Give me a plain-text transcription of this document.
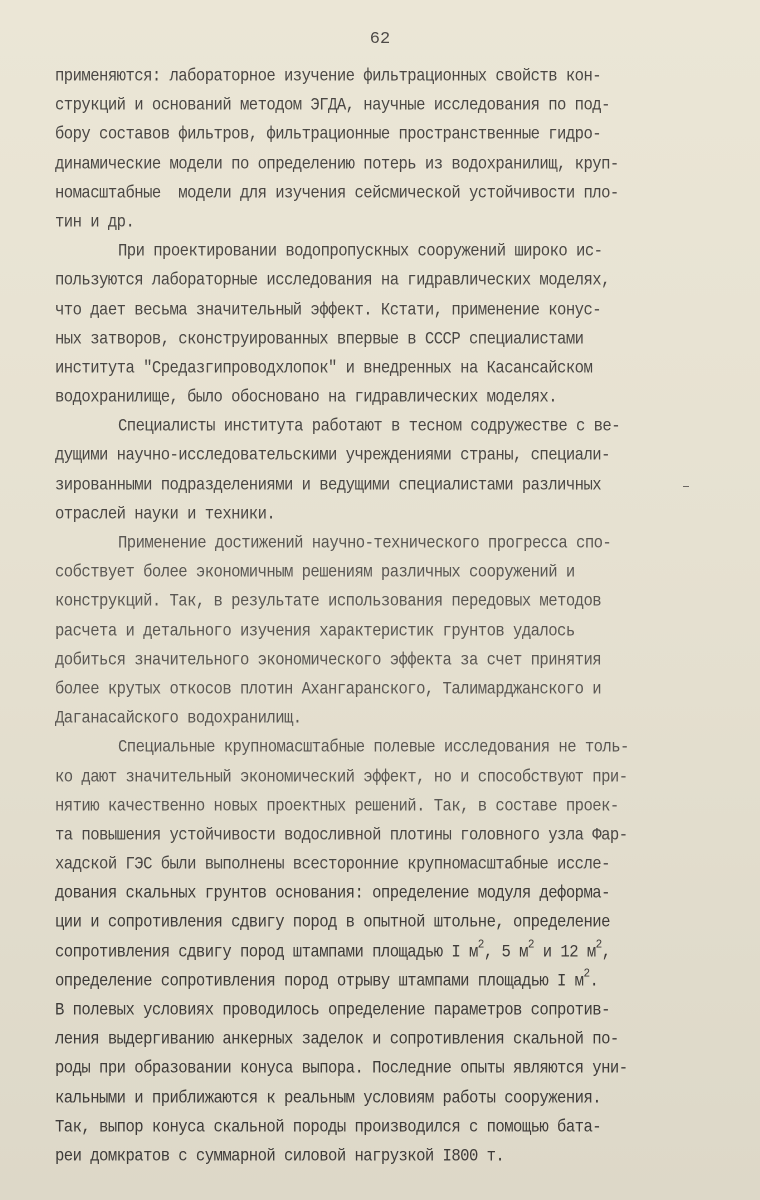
62
применяются: лабораторное изучение фильтрационных свойств кон-
струкций и оснований методом ЭГДА, научные исследования по под-
бору составов фильтров, фильтрационные пространственные гидро-
динамические модели по определению потерь из водохранилищ, круп-
номасштабные  модели для изучения сейсмической устойчивости пло-
тин и др.
При проектировании водопропускных сооружений широко ис-
пользуются лабораторные исследования на гидравлических моделях,
что дает весьма значительный эффект. Кстати, применение конус-
ных затворов, сконструированных впервые в СССР специалистами
института "Средазгипроводхлопок" и внедренных на Касансайском
водохранилище, было обосновано на гидравлических моделях.
Специалисты института работают в тесном содружестве с ве-
дущими научно-исследовательскими учреждениями страны, специали-
зированными подразделениями и ведущими специалистами различных
отраслей науки и техники.
Применение достижений научно-технического прогресса спо-
собствует более экономичным решениям различных сооружений и
конструкций. Так, в результате использования передовых методов
расчета и детального изучения характеристик грунтов удалось
добиться значительного экономического эффекта за счет принятия
более крутых откосов плотин Ахангаранского, Талимарджанского и
Даганасайского водохранилищ.
Специальные крупномасштабные полевые исследования не толь-
ко дают значительный экономический эффект, но и способствуют при-
нятию качественно новых проектных решений. Так, в составе проек-
та повышения устойчивости водосливной плотины головного узла Фар-
хадской ГЭС были выполнены всесторонние крупномасштабные иссле-
дования скальных грунтов основания: определение модуля деформа-
ции и сопротивления сдвигу пород в опытной штольне, определение
сопротивления сдвигу пород штампами площадью I $м^2$, 5 $м^2$ и 12 $м^2$,
определение сопротивления пород отрыву штампами площадью I $м^2$.
В полевых условиях проводилось определение параметров сопротив-
ления выдергиванию анкерных заделок и сопротивления скальной по-
роды при образовании конуса выпора. Последние опыты являются уни-
кальными и приближаются к реальным условиям работы сооружения.
Так, выпор конуса скальной породы производился с помощью бата-
реи домкратов с суммарной силовой нагрузкой I800 т.
